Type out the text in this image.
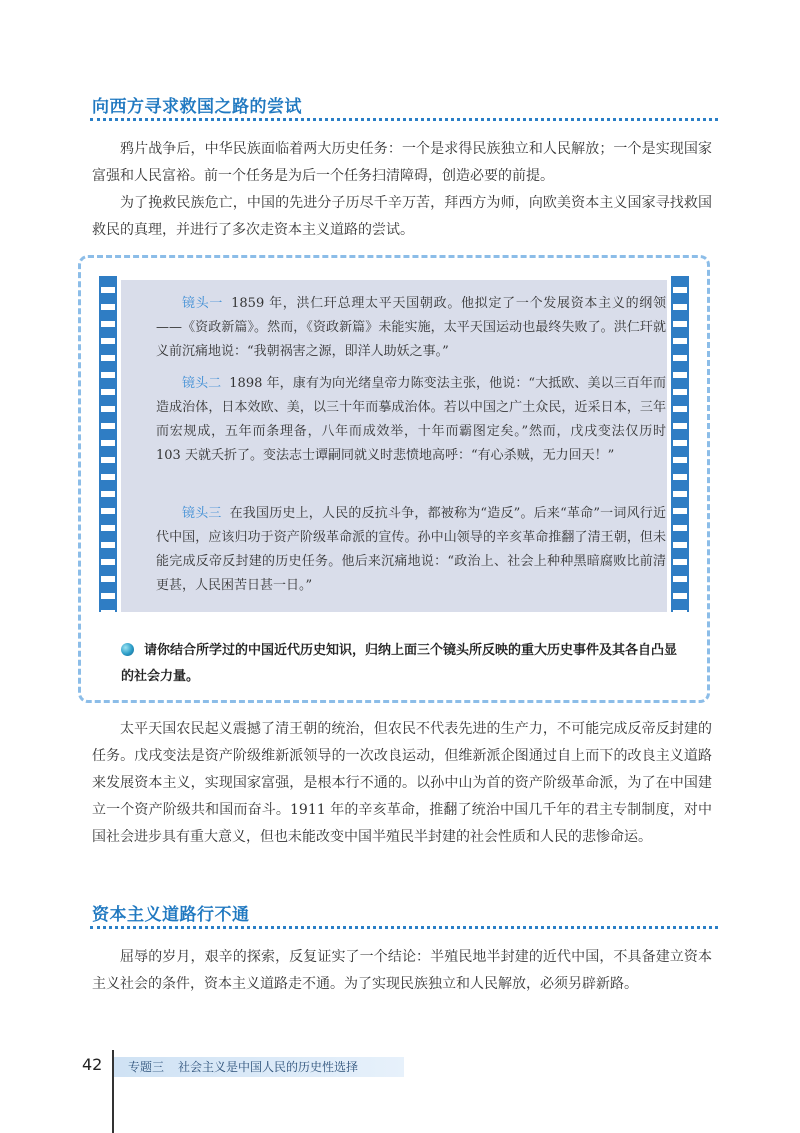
向西方寻求救国之路的尝试

鸦片战争后，中华民族面临着两大历史任务：一个是求得民族独立和人民解放；一个是实现国家富强和人民富裕。前一个任务是为后一个任务扫清障碍，创造必要的前提。

为了挽救民族危亡，中国的先进分子历尽千辛万苦，拜西方为师，向欧美资本主义国家寻找救国救民的真理，并进行了多次走资本主义道路的尝试。

镜头一 1859 年，洪仁玕总理太平天国朝政。他拟定了一个发展资本主义的纲领——《资政新篇》。然而，《资政新篇》未能实施，太平天国运动也最终失败了。洪仁玕就义前沉痛地说：“我朝祸害之源，即洋人助妖之事。”

镜头二 1898 年，康有为向光绪皇帝力陈变法主张，他说：“大抵欧、美以三百年而造成治体，日本效欧、美，以三十年而摹成治体。若以中国之广土众民，近采日本，三年而宏规成，五年而条理备，八年而成效举，十年而霸图定矣。”然而，戊戌变法仅历时 103 天就夭折了。变法志士谭嗣同就义时悲愤地高呼：“有心杀贼，无力回天！”

镜头三 在我国历史上，人民的反抗斗争，都被称为“造反”。后来“革命”一词风行近代中国，应该归功于资产阶级革命派的宣传。孙中山领导的辛亥革命推翻了清王朝，但未能完成反帝反封建的历史任务。他后来沉痛地说：“政治上、社会上种种黑暗腐败比前清更甚，人民困苦日甚一日。”

请你结合所学过的中国近代历史知识，归纳上面三个镜头所反映的重大历史事件及其各自凸显的社会力量。

太平天国农民起义震撼了清王朝的统治，但农民不代表先进的生产力，不可能完成反帝反封建的任务。戊戌变法是资产阶级维新派领导的一次改良运动，但维新派企图通过自上而下的改良主义道路来发展资本主义，实现国家富强，是根本行不通的。以孙中山为首的资产阶级革命派，为了在中国建立一个资产阶级共和国而奋斗。1911 年的辛亥革命，推翻了统治中国几千年的君主专制制度，对中国社会进步具有重大意义，但也未能改变中国半殖民半封建的社会性质和人民的悲惨命运。

资本主义道路行不通

屈辱的岁月，艰辛的探索，反复证实了一个结论：半殖民地半封建的近代中国，不具备建立资本主义社会的条件，资本主义道路走不通。为了实现民族独立和人民解放，必须另辟新路。

42 专题三 社会主义是中国人民的历史性选择
